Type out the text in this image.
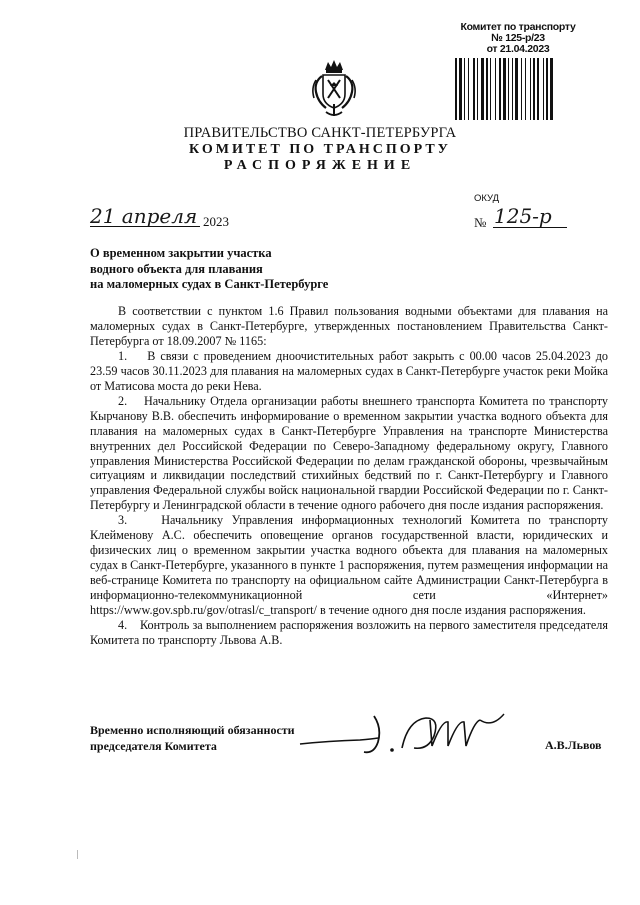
Комитет по транспорту
№ 125-р/23
от 21.04.2023
ПРАВИТЕЛЬСТВО САНКТ-ПЕТЕРБУРГА
КОМИТЕТ ПО ТРАНСПОРТУ
РАСПОРЯЖЕНИЕ
ОКУД
21 апреля 2023	№ 125-р
О временном закрытии участка
водного объекта для плавания
на маломерных судах в Санкт-Петербурге

В соответствии с пунктом 1.6 Правил пользования водными объектами для плавания на маломерных судах в Санкт-Петербурге, утвержденных постановлением Правительства Санкт-Петербурга от 18.09.2007 № 1165:

1.    В связи с проведением дноочистительных работ закрыть с 00.00 часов 25.04.2023 до 23.59 часов 30.11.2023 для плавания на маломерных судах в Санкт-Петербурге участок реки Мойка от Матисова моста до реки Нева.

2.    Начальнику Отдела организации работы внешнего транспорта Комитета по транспорту Кырчанову В.В. обеспечить информирование о временном закрытии участка водного объекта для плавания на маломерных судах в Санкт-Петербурге Управления на транспорте Министерства внутренних дел Российской Федерации по Северо-Западному федеральному округу, Главного управления Министерства Российской Федерации по делам гражданской обороны, чрезвычайным ситуациям и ликвидации последствий стихийных бедствий по г. Санкт-Петербургу и Главного управления Федеральной службы войск национальной гвардии Российской Федерации по г. Санкт-Петербургу и Ленинградской области в течение одного рабочего дня после издания распоряжения.

3.    Начальнику Управления информационных технологий Комитета по транспорту Клейменову А.С. обеспечить оповещение органов государственной власти, юридических и физических лиц о временном закрытии участка водного объекта для плавания на маломерных судах в Санкт-Петербурге, указанного в пункте 1 распоряжения, путем размещения информации на веб-странице Комитета по транспорту на официальном сайте Администрации Санкт-Петербурга в информационно-телекоммуникационной сети «Интернет» https://www.gov.spb.ru/gov/otrasl/c_transport/ в течение одного дня после издания распоряжения.

4.    Контроль за выполнением распоряжения возложить на первого заместителя председателя Комитета по транспорту Львова А.В.

Временно исполняющий обязанности
председателя Комитета	А.В.Львов
